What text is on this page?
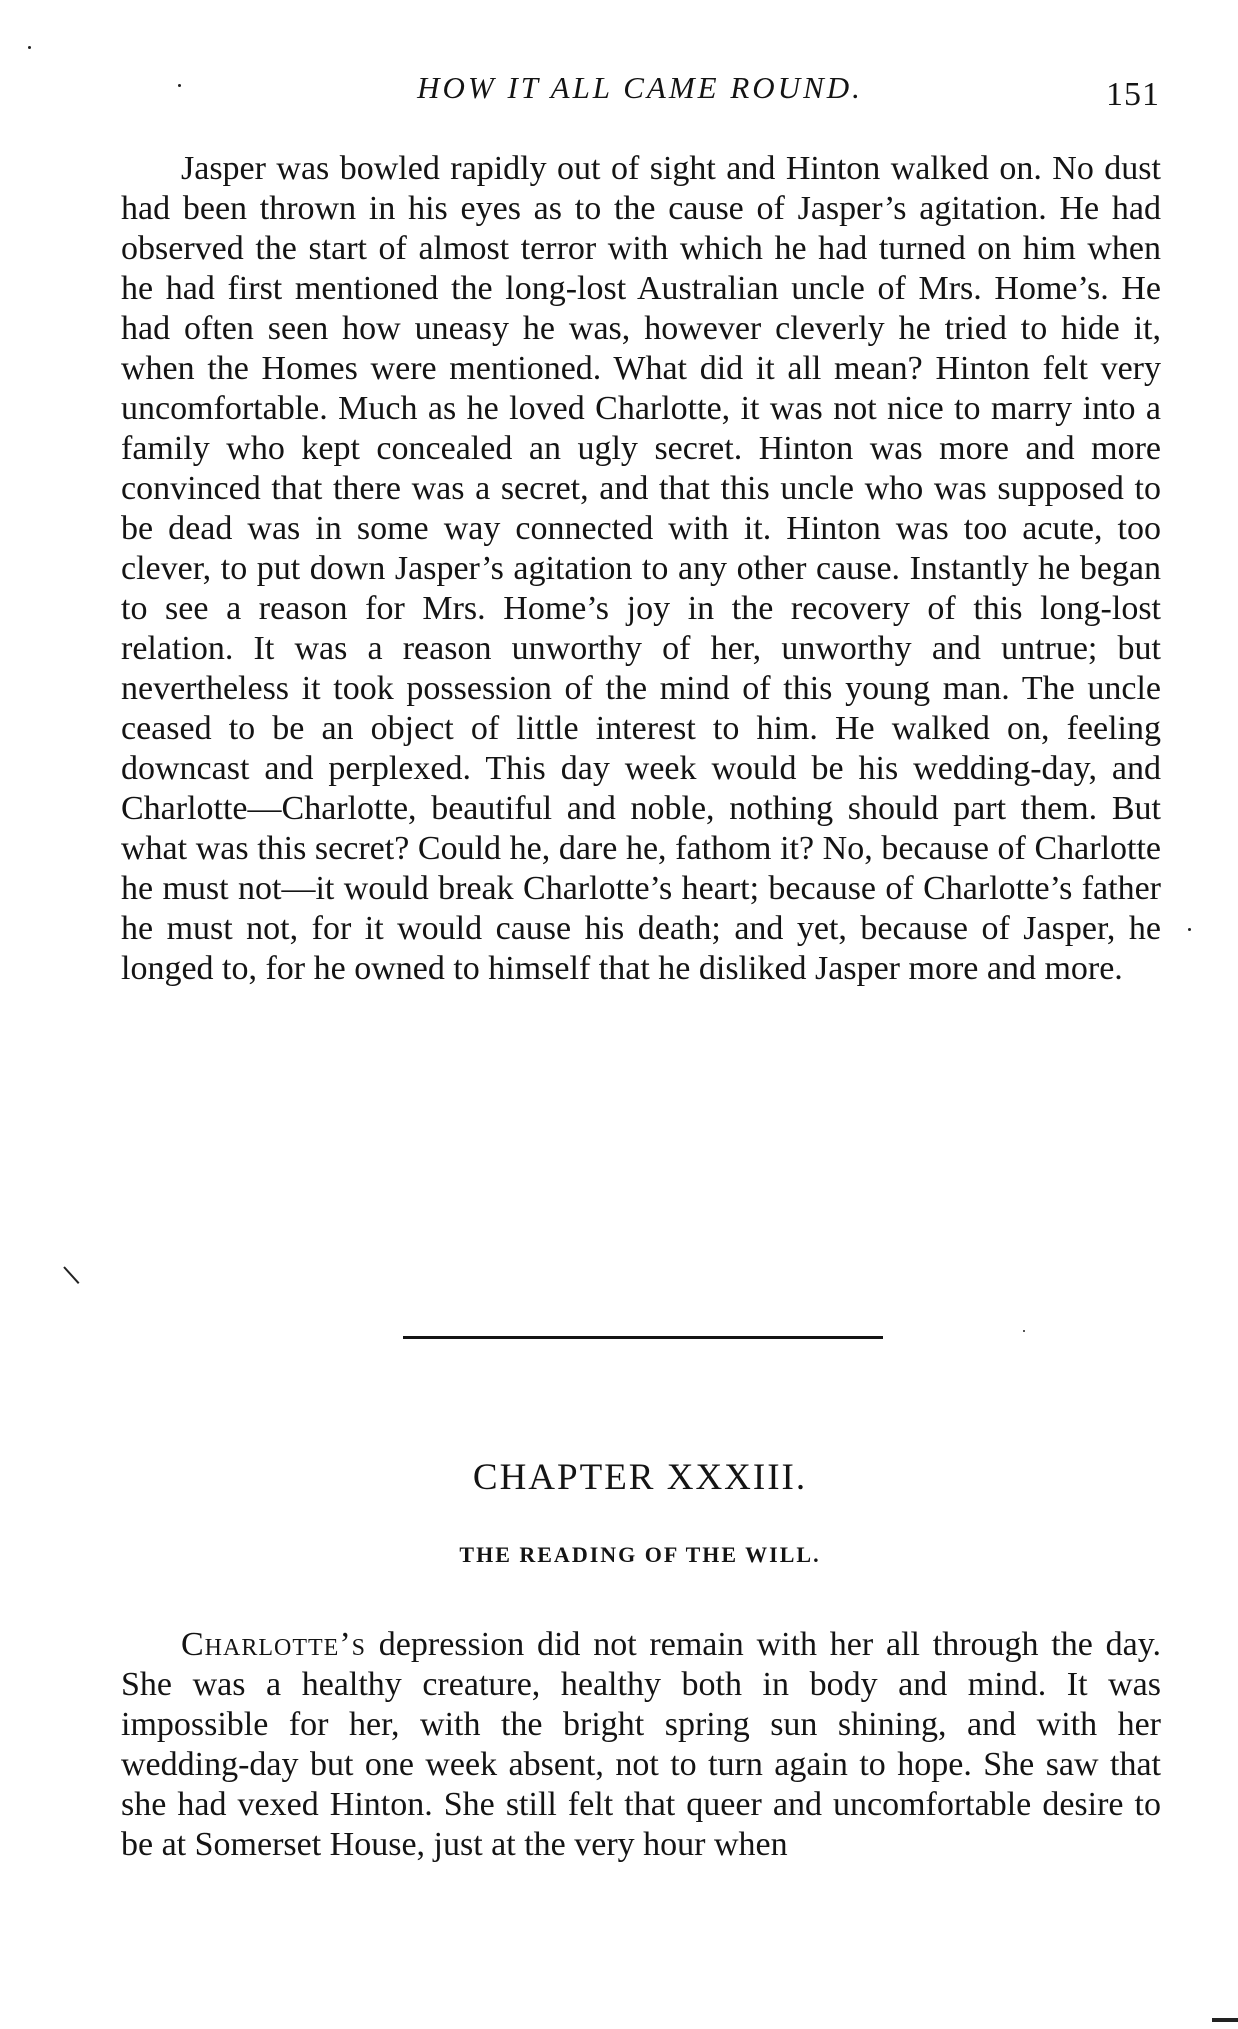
HOW IT ALL CAME ROUND.	151

Jasper was bowled rapidly out of sight and Hinton walked on. No dust had been thrown in his eyes as to the cause of Jasper’s agitation. He had observed the start of almost terror with which he had turned on him when he had first mentioned the long-lost Australian uncle of Mrs. Home’s. He had often seen how uneasy he was, however cleverly he tried to hide it, when the Homes were mentioned. What did it all mean? Hinton felt very uncomfortable. Much as he loved Charlotte, it was not nice to marry into a family who kept concealed an ugly secret. Hinton was more and more convinced that there was a secret, and that this uncle who was supposed to be dead was in some way connected with it. Hinton was too acute, too clever, to put down Jasper’s agitation to any other cause. Instantly he began to see a reason for Mrs. Home’s joy in the recovery of this long-lost relation. It was a reason unworthy of her, unworthy and untrue; but nevertheless it took possession of the mind of this young man. The uncle ceased to be an object of little interest to him. He walked on, feeling downcast and perplexed. This day week would be his wedding-day, and Charlotte—Charlotte, beautiful and noble, nothing should part them. But what was this secret? Could he, dare he, fathom it? No, because of Charlotte he must not—it would break Charlotte’s heart; because of Charlotte’s father he must not, for it would cause his death; and yet, because of Jasper, he longed to, for he owned to himself that he disliked Jasper more and more.

CHAPTER XXXIII.
THE READING OF THE WILL.

Charlotte’s depression did not remain with her all through the day. She was a healthy creature, healthy both in body and mind. It was impossible for her, with the bright spring sun shining, and with her wedding-day but one week absent, not to turn again to hope. She saw that she had vexed Hinton. She still felt that queer and uncomfortable desire to be at Somerset House, just at the very hour when
